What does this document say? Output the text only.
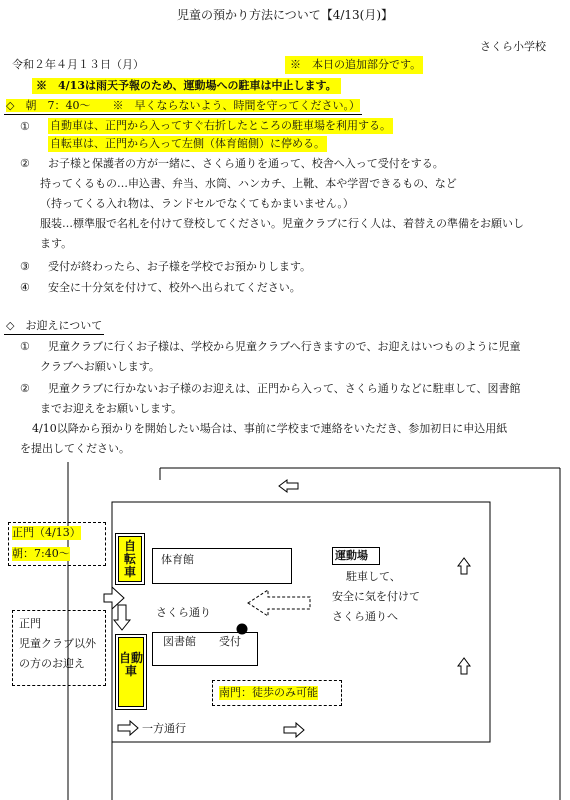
児童の預かり方法について【4/13(月)】
さくら小学校
令和２年４月１３日（月）	※　本日の追加部分です。
※　4/13は雨天予報のため、運動場への駐車は中止します。
◇　朝　7：40～　　※　早くならないよう、時間を守ってください。）
① 自動車は、正門から入ってすぐ右折したところの駐車場を利用する。
自転車は、正門から入って左側（体育館側）に停める。
② お子様と保護者の方が一緒に、さくら通りを通って、校舎へ入って受付をする。
持ってくるもの…申込書、弁当、水筒、ハンカチ、上靴、本や学習できるもの、など
（持ってくる入れ物は、ランドセルでなくてもかまいません。）
服装…標準服で名札を付けて登校してください。児童クラブに行く人は、着替えの準備をお願いし
ます。
③ 受付が終わったら、お子様を学校でお預かりします。
④ 安全に十分気を付けて、校外へ出られてください。
◇　お迎えについて
① 児童クラブに行くお子様は、学校から児童クラブへ行きますので、お迎えはいつものように児童
クラブへお願いします。
② 児童クラブに行かないお子様のお迎えは、正門から入って、さくら通りなどに駐車して、図書館
までお迎えをお願いします。
4/10以降から預かりを開始したい場合は、事前に学校まで連絡をいただき、参加初日に申込用紙
を提出してください。
正門（4/13）
朝：7:40～
正門
児童クラブ以外
の方のお迎え
自転車
自動車
体育館
さくら通り
図書館 受付
運動場
駐車して、
安全に気を付けて
さくら通りへ
南門：徒歩のみ可能
一方通行
